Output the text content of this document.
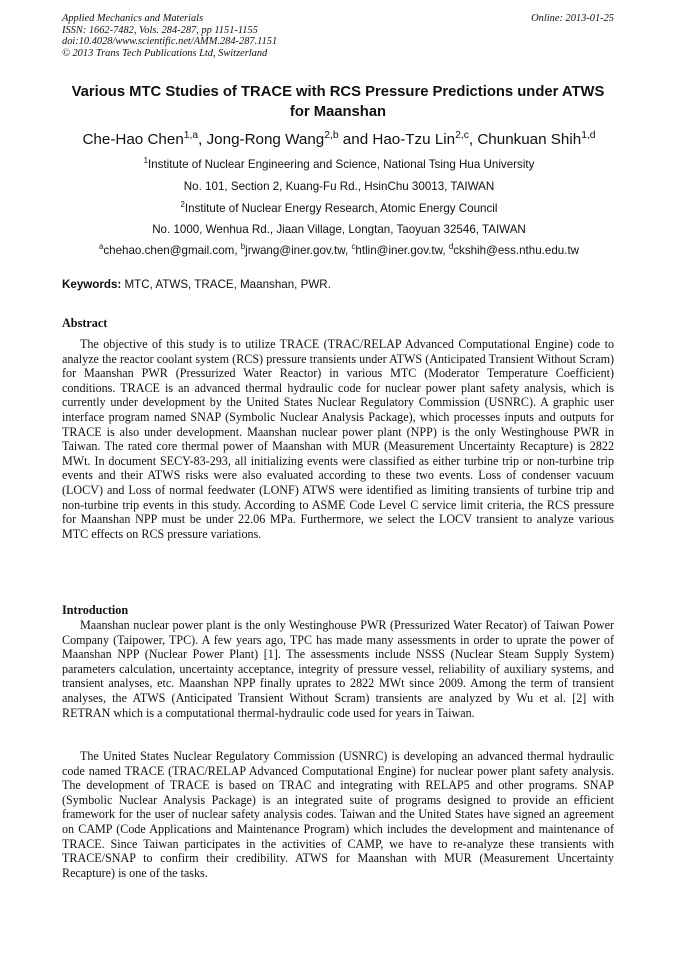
Applied Mechanics and Materials
ISSN: 1662-7482, Vols. 284-287, pp 1151-1155
doi:10.4028/www.scientific.net/AMM.284-287.1151
© 2013 Trans Tech Publications Ltd, Switzerland
Online: 2013-01-25
Various MTC Studies of TRACE with RCS Pressure Predictions under ATWS for Maanshan
Che-Hao Chen$^{1,a}$, Jong-Rong Wang$^{2,b}$ and Hao-Tzu Lin$^{2,c}$, Chunkuan Shih$^{1,d}$
$^1$Institute of Nuclear Engineering and Science, National Tsing Hua University
No. 101, Section 2, Kuang-Fu Rd., HsinChu 30013, TAIWAN
$^2$Institute of Nuclear Energy Research, Atomic Energy Council
No. 1000, Wenhua Rd., Jiaan Village, Longtan, Taoyuan 32546, TAIWAN
$^a$chehao.chen@gmail.com, $^b$jrwang@iner.gov.tw, $^c$htlin@iner.gov.tw, $^d$ckshih@ess.nthu.edu.tw
Keywords: MTC, ATWS, TRACE, Maanshan, PWR.
Abstract

The objective of this study is to utilize TRACE (TRAC/RELAP Advanced Computational Engine) code to analyze the reactor coolant system (RCS) pressure transients under ATWS (Anticipated Transient Without Scram) for Maanshan PWR (Pressurized Water Reactor) in various MTC (Moderator Temperature Coefficient) conditions. TRACE is an advanced thermal hydraulic code for nuclear power plant safety analysis, which is currently under development by the United States Nuclear Regulatory Commission (USNRC). A graphic user interface program named SNAP (Symbolic Nuclear Analysis Package), which processes inputs and outputs for TRACE is also under development. Maanshan nuclear power plant (NPP) is the only Westinghouse PWR in Taiwan. The rated core thermal power of Maanshan with MUR (Measurement Uncertainty Recapture) is 2822 MWt. In document SECY-83-293, all initializing events were classified as either turbine trip or non-turbine trip events and their ATWS risks were also evaluated according to these two events. Loss of condenser vacuum (LOCV) and Loss of normal feedwater (LONF) ATWS were identified as limiting transients of turbine trip and non-turbine trip events in this study. According to ASME Code Level C service limit criteria, the RCS pressure for Maanshan NPP must be under 22.06 MPa. Furthermore, we select the LOCV transient to analyze various MTC effects on RCS pressure variations.

Introduction

Maanshan nuclear power plant is the only Westinghouse PWR (Pressurized Water Recator) of Taiwan Power Company (Taipower, TPC). A few years ago, TPC has made many assessments in order to uprate the power of Maanshan NPP (Nuclear Power Plant) [1]. The assessments include NSSS (Nuclear Steam Supply System) parameters calculation, uncertainty acceptance, integrity of pressure vessel, reliability of auxiliary systems, and transient analyses, etc. Maanshan NPP finally uprates to 2822 MWt since 2009. Among the term of transient analyses, the ATWS (Anticipated Transient Without Scram) transients are analyzed by Wu et al. [2] with RETRAN which is a computational thermal-hydraulic code used for years in Taiwan.

The United States Nuclear Regulatory Commission (USNRC) is developing an advanced thermal hydraulic code named TRACE (TRAC/RELAP Advanced Computational Engine) for nuclear power plant safety analysis. The development of TRACE is based on TRAC and integrating with RELAP5 and other programs. SNAP (Symbolic Nuclear Analysis Package) is an integrated suite of programs designed to provide an efficient framework for the user of nuclear safety analysis codes. Taiwan and the United States have signed an agreement on CAMP (Code Applications and Maintenance Program) which includes the development and maintenance of TRACE. Since Taiwan participates in the activities of CAMP, we have to re-analyze these transients with TRACE/SNAP to confirm their credibility. ATWS for Maanshan with MUR (Measurement Uncertainty Recapture) is one of the tasks.
